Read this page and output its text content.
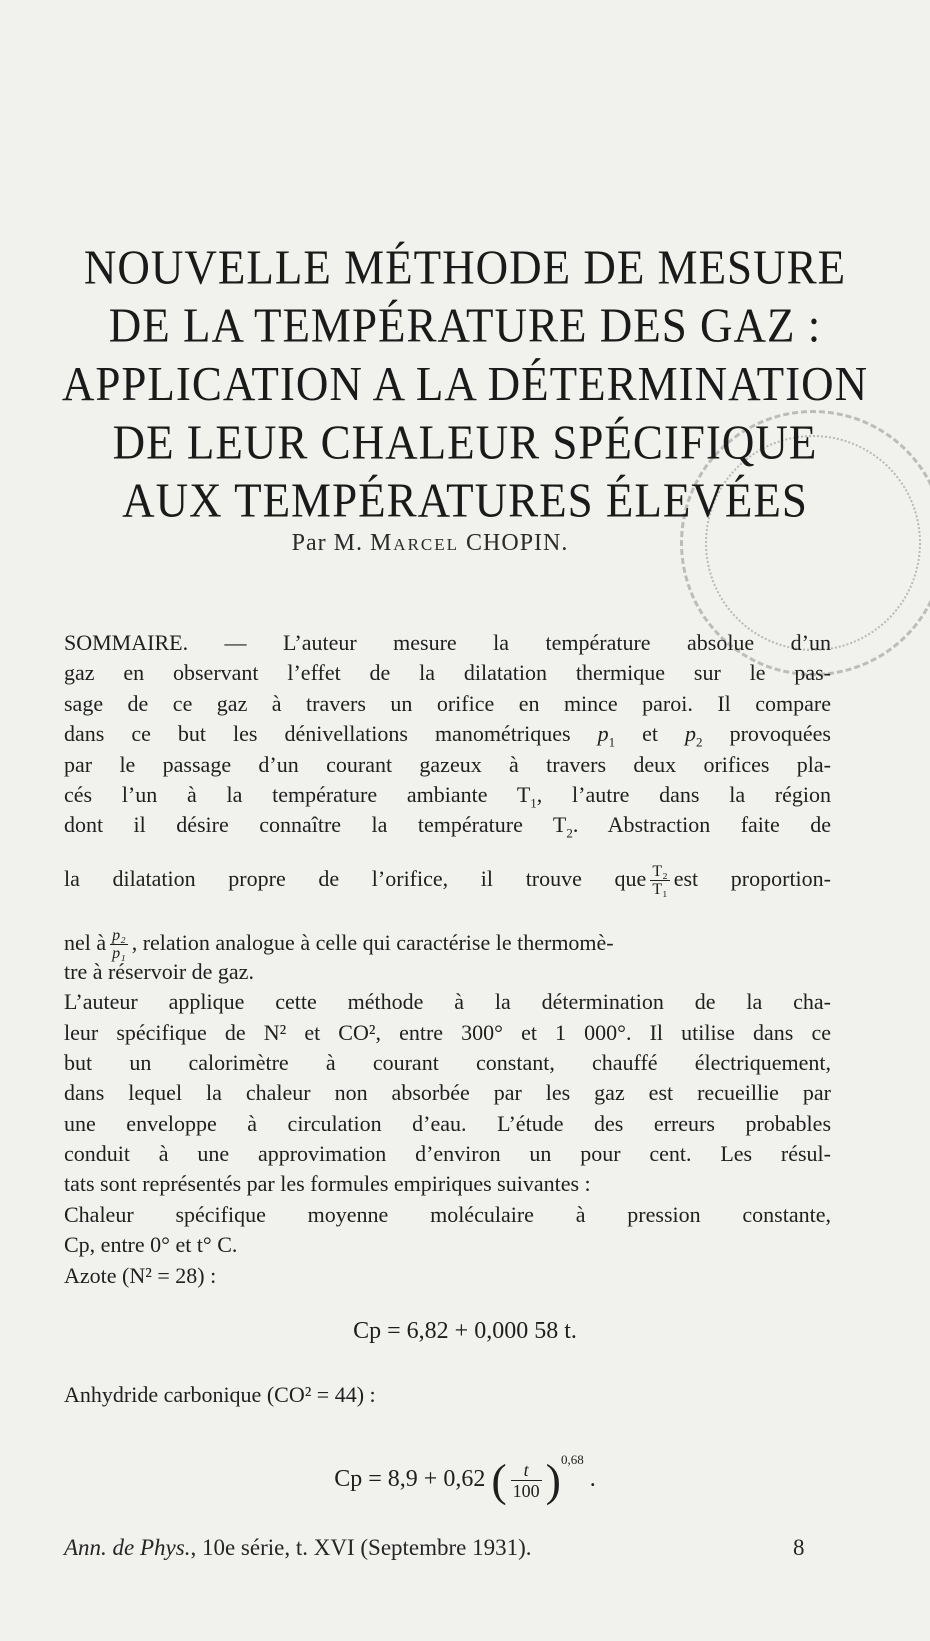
NOUVELLE MÉTHODE DE MESURE
DE LA TEMPÉRATURE DES GAZ :
APPLICATION A LA DÉTERMINATION
DE LEUR CHALEUR SPÉCIFIQUE
AUX TEMPÉRATURES ÉLEVÉES
Par M. Marcel CHOPIN.
SOMMAIRE. — L’auteur mesure la température absolue d’un
gaz en observant l’effet de la dilatation thermique sur le pas-
sage de ce gaz à travers un orifice en mince paroi. Il compare
dans ce but les dénivellations manométriques $p_1$ et $p_2$ provoquées
par le passage d’un courant gazeux à travers deux orifices pla-
cés l’un à la température ambiante $T_1$, l’autre dans la région
dont il désire connaître la température $T_2$. Abstraction faite de
la dilatation propre de l’orifice, il trouve que $\frac{\text{T₂}}{\text{T₁}}$ est proportion-
nel à $\frac{\text{p₂}}{\text{p₁}}$ , relation analogue à celle qui caractérise le thermomè-
tre à réservoir de gaz.
L’auteur applique cette méthode à la détermination de la cha-
leur spécifique de N² et CO², entre 300° et 1 000°. Il utilise dans ce
but un calorimètre à courant constant, chauffé électriquement,
dans lequel la chaleur non absorbée par les gaz est recueillie par
une enveloppe à circulation d’eau. L’étude des erreurs probables
conduit à une approvimation d’environ un pour cent. Les résul-
tats sont représentés par les formules empiriques suivantes :
Chaleur spécifique moyenne moléculaire à pression constante,
Cp, entre 0° et t° C.
Azote (N² = 28) :
Cp = 6,82 + 0,000 58 t.
Anhydride carbonique (CO² = 44) :
Cp = 8,9 + 0,62 ( $\frac{t}{100} )^{0,68}$ .
Ann. de Phys., 10e série, t. XVI (Septembre 1931).	8
